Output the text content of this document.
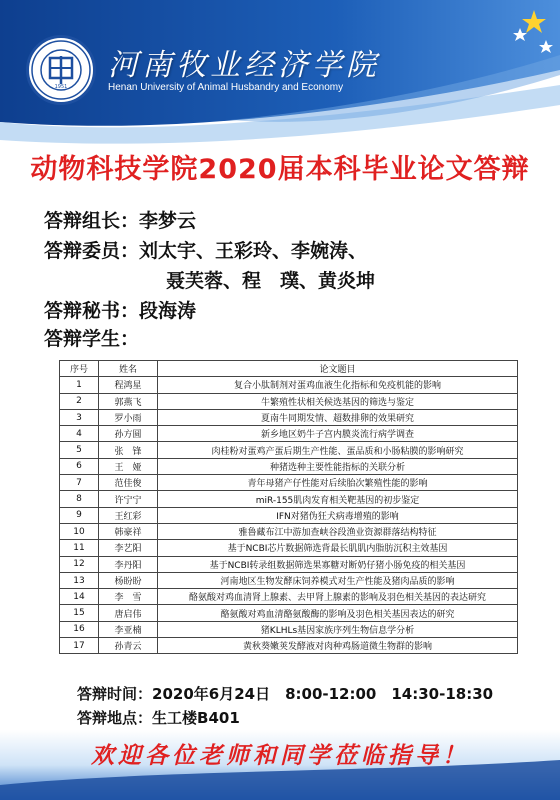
1951
河南牧业经济学院
Henan University of Animal Husbandry and Economy
动物科技学院2020届本科毕业论文答辩
答辩组长：李梦云
答辩委员：刘太宇、王彩玲、李婉涛、
聂芙蓉、程　璞、黄炎坤
答辩秘书：段海涛
答辩学生：
序号	姓名	论文题目
1	程鸿星	复合小肽制剂对蛋鸡血液生化指标和免疫机能的影响
2	郭燕飞	牛繁殖性状相关候选基因的筛选与鉴定
3	罗小雨	夏南牛同期发情、超数排卵的效果研究
4	孙方圆	新乡地区奶牛子宫内膜炎流行病学调查
5	张　锋	肉桂粉对蛋鸡产蛋后期生产性能、蛋品质和小肠粘膜的影响研究
6	王　娅	种猪选种主要性能指标的关联分析
7	范佳俊	青年母猪产仔性能对后续胎次繁殖性能的影响
8	许宁宁	miR-155肌肉发育相关靶基因的初步鉴定
9	王红彩	IFN对猪伪狂犬病毒增殖的影响
10	韩豪祥	雅鲁藏布江中游加查峡谷段渔业资源群落结构特征
11	李艺阳	基于NCBI芯片数据筛选背最长肌肌内脂肪沉积主效基因
12	李丹阳	基于NCBI转录组数据筛选果寡糖对断奶仔猪小肠免疫的相关基因
13	杨盼盼	河南地区生物发酵床饲养模式对生产性能及猪肉品质的影响
14	李　雪	酪氨酸对鸡血清肾上腺素、去甲肾上腺素的影响及羽色相关基因的表达研究
15	唐启伟	酪氨酸对鸡血清酪氨酸酶的影响及羽色相关基因表达的研究
16	李亚楠	猪KLHLs基因家族序列生物信息学分析
17	孙青云	黄秋葵嫩荚发酵液对肉种鸡肠道微生物群的影响
答辩时间：2020年6月24日　8:00-12:00　14:30-18:30
答辩地点：生工楼B401
欢迎各位老师和同学莅临指导！
